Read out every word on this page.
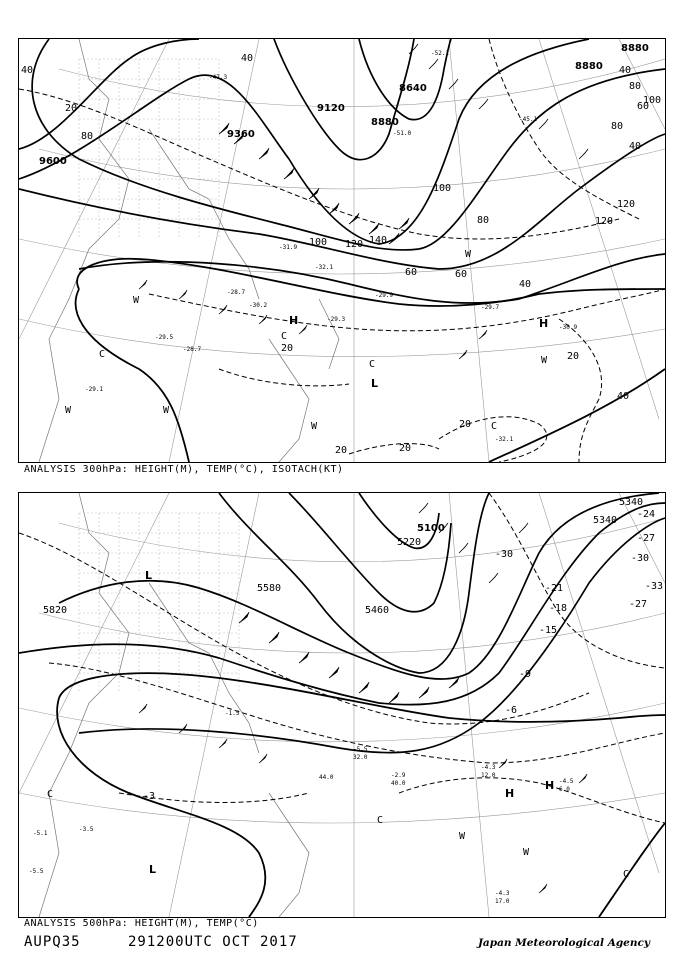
9600
9120
9360
8880
8640
8880
8880
20
40
60
80
100
120 140
100
120
40
20
20
20	20
40
40
80
100
120
20
80
40
60
80
60
40
H	H
L
C
C
C
C
W
W	W
W
W
W
-29.1
-29.5
-28.7
-29.3
-29.7
-30.9
-32.1
-29.9
-28.7
-30.2
-51.0
-52.1
-45.1
-47.3
-31.9
-32.1
ANALYSIS 300hPa: HEIGHT(M), TEMP(°C), ISOTACH(KT)
5820
5100
5220
5340
5460
5580
5340
-3
-6
-9
-15
-18
-21
-24
-27
-30
-33
-27
-30
H
H
L
L
C
C
C
W
W
-4.3
12.0
-4.5
6.0
-4.3
17.0
-2.9
40.0
-5.5
32.0
-3.5
-5.1
-5.5
-1.5
44.0
ANALYSIS 500hPa: HEIGHT(M), TEMP(°C)
AUPQ35	291200UTC OCT 2017	Japan Meteorological Agency
